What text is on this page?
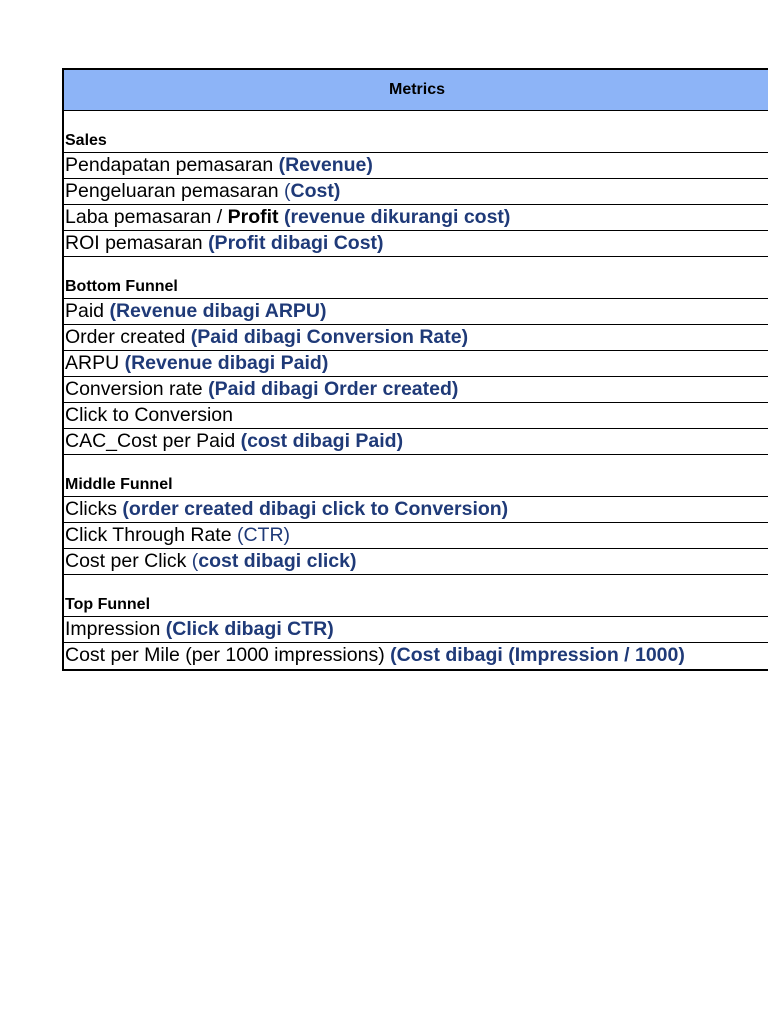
Metrics
Sales
Pendapatan pemasaran (Revenue)
Pengeluaran pemasaran (Cost)
Laba pemasaran / Profit (revenue dikurangi cost)
ROI pemasaran (Profit dibagi Cost)
Bottom Funnel
Paid (Revenue dibagi ARPU)
Order created (Paid dibagi Conversion Rate)
ARPU (Revenue dibagi Paid)
Conversion rate (Paid dibagi Order created)
Click to Conversion
CAC_Cost per Paid (cost dibagi Paid)
Middle Funnel
Clicks (order created dibagi click to Conversion)
Click Through Rate (CTR)
Cost per Click (cost dibagi click)
Top Funnel
Impression (Click dibagi CTR)
Cost per Mile (per 1000 impressions) (Cost dibagi (Impression / 1000)
